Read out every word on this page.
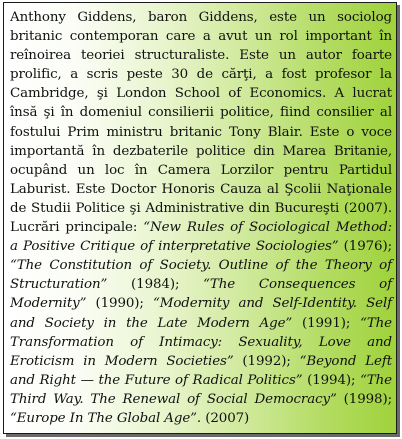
Anthony Giddens, baron Giddens, este un sociolog britanic contemporan care a avut un rol important în reînoirea teoriei structuraliste. Este un autor foarte prolific, a scris peste 30 de cărţi, a fost profesor la Cambridge, şi London School of Economics. A lucrat însă şi în domeniul consilierii politice, fiind consilier al fostului Prim ministru britanic Tony Blair. Este o voce importantă în dezbaterile politice din Marea Britanie, ocupând un loc în Camera Lorzilor pentru Partidul Laburist. Este Doctor Honoris Cauza al Şcolii Naţionale de Studii Politice şi Administrative din Bucureşti (2007). Lucrări principale: “New Rules of Sociological Method: a Positive Critique of interpretative Sociologies” (1976); “The Constitution of Society. Outline of the Theory of Structuration” (1984); “The Consequences of Modernity” (1990); “Modernity and Self-Identity. Self and Society in the Late Modern Age” (1991); “The Transformation of Intimacy: Sexuality, Love and Eroticism in Modern Societies” (1992); “Beyond Left and Right — the Future of Radical Politics” (1994); “The Third Way. The Renewal of Social Democracy” (1998); “Europe In The Global Age”. (2007)
